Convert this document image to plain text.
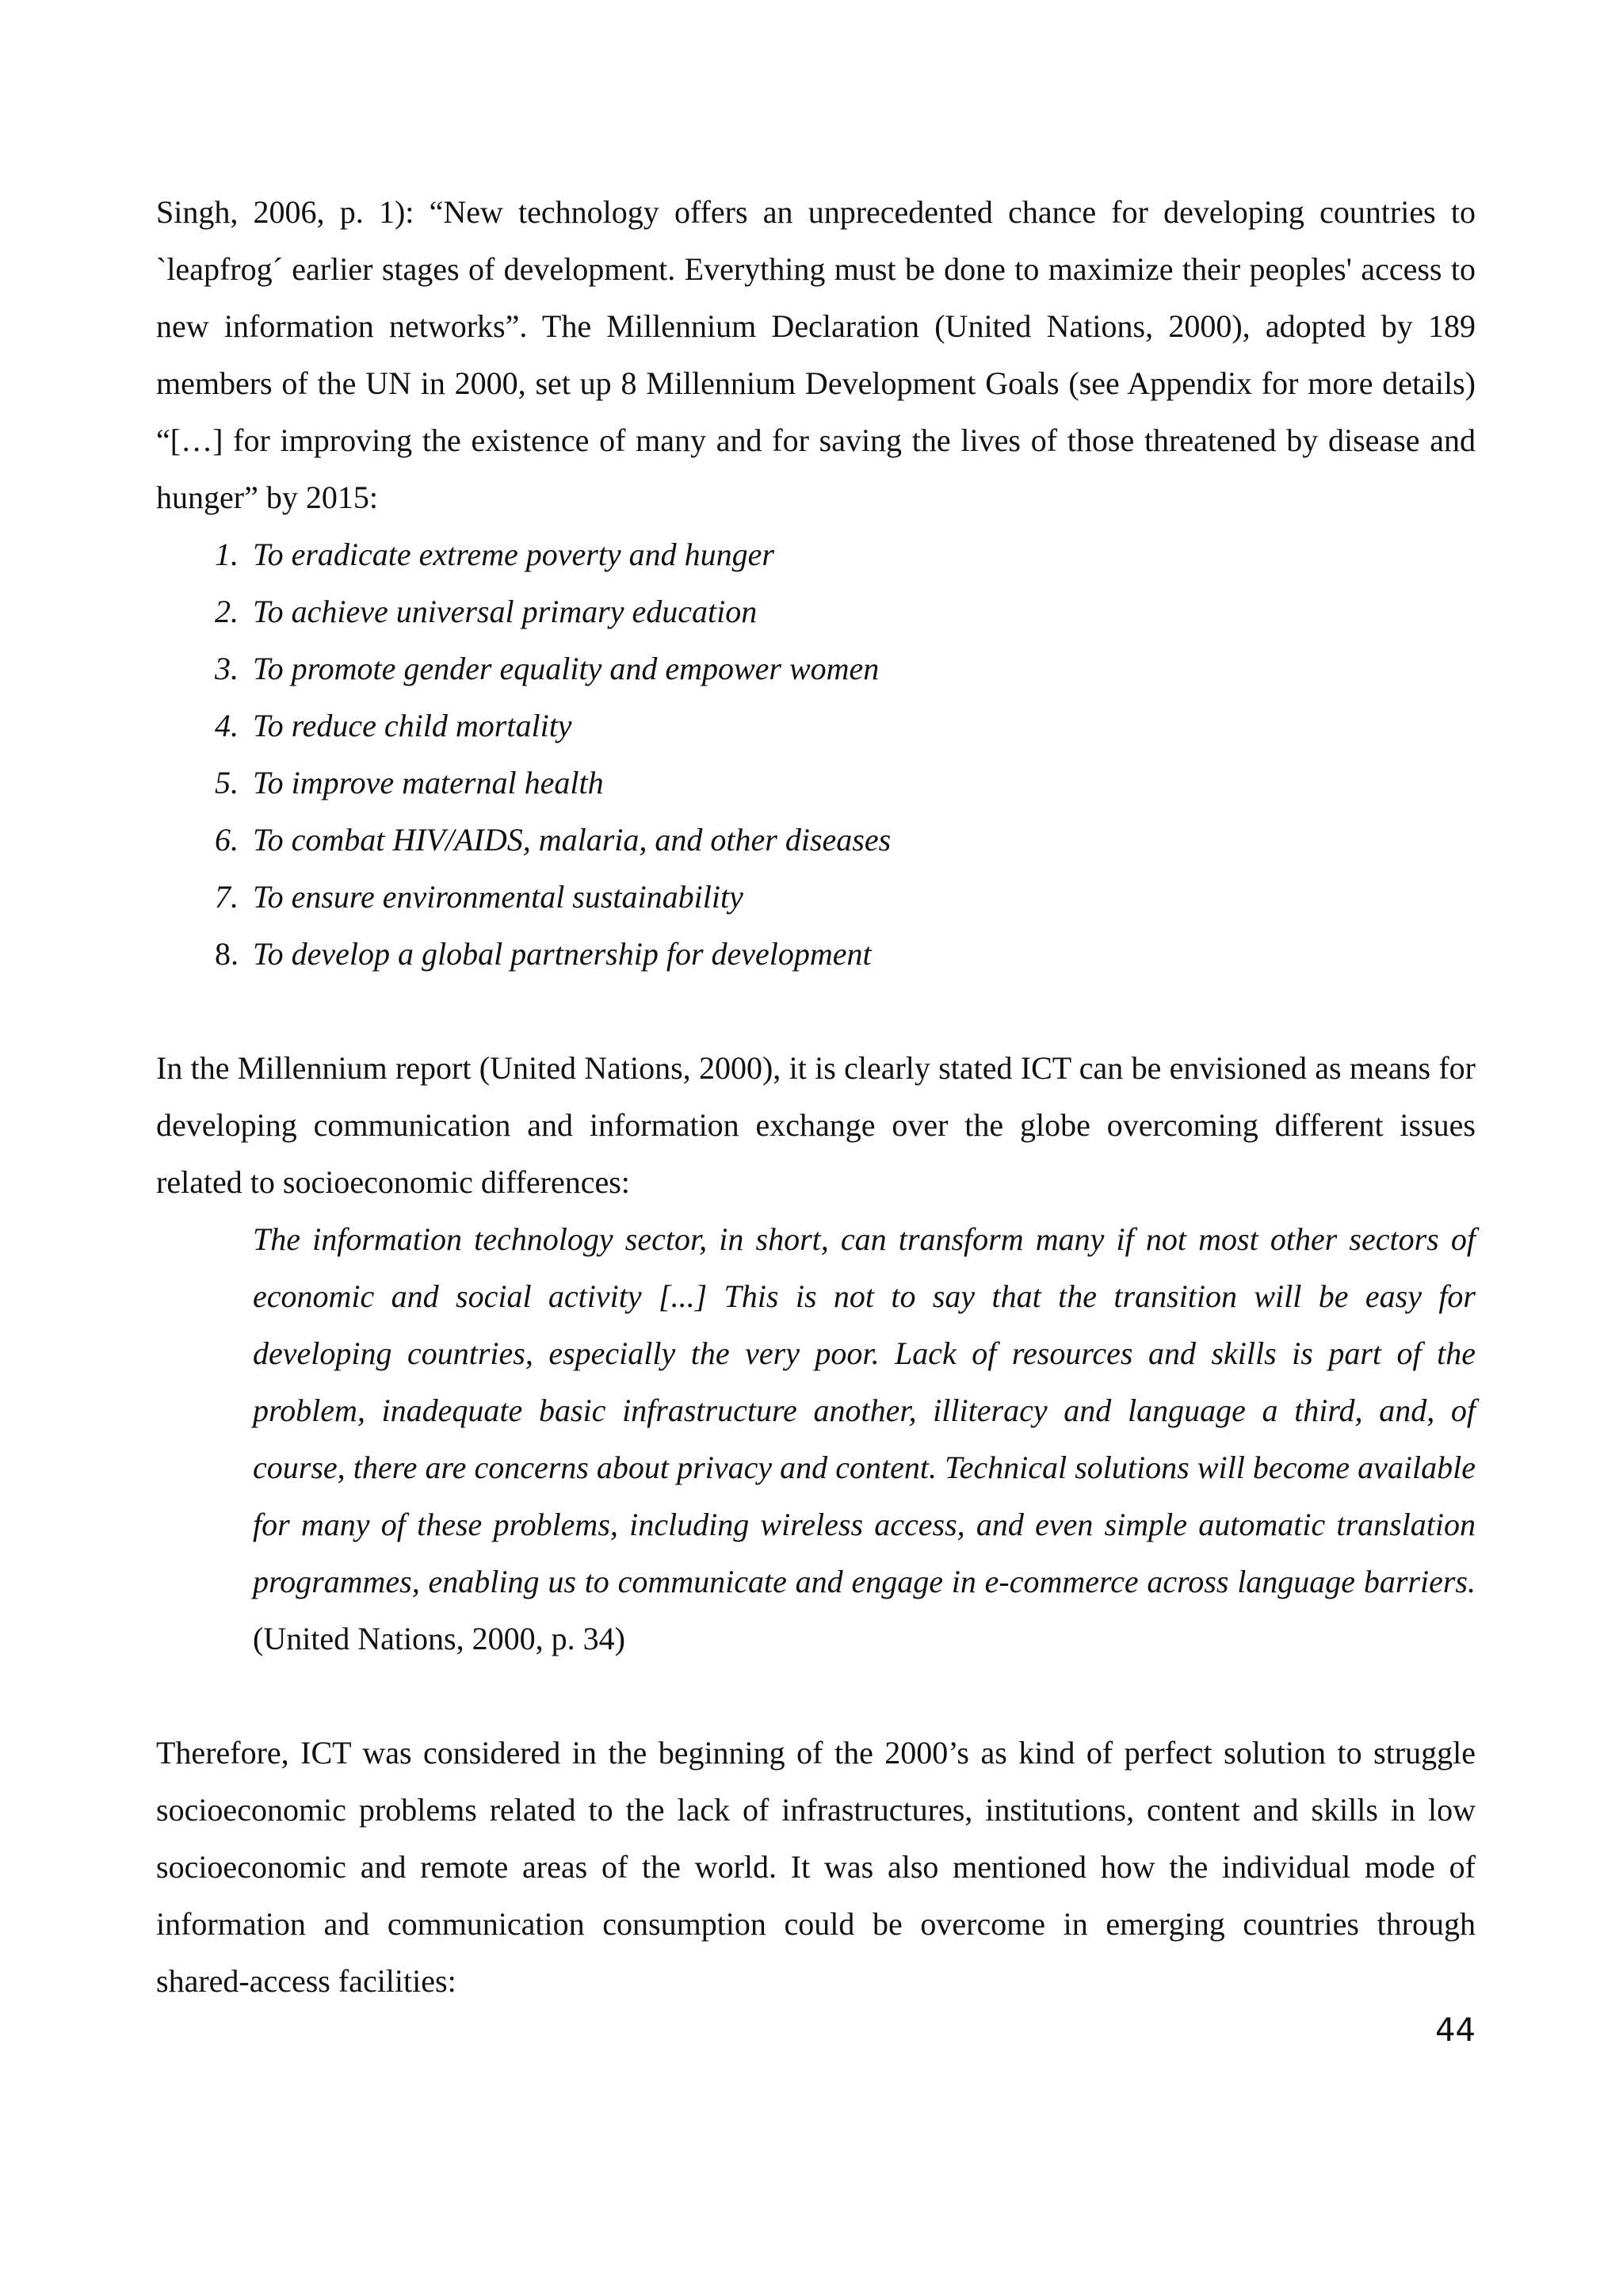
Singh, 2006, p. 1): “New technology offers an unprecedented chance for developing countries to `leapfrog´ earlier stages of development. Everything must be done to maximize their peoples' access to new information networks”. The Millennium Declaration (United Nations, 2000), adopted by 189 members of the UN in 2000, set up 8 Millennium Development Goals (see Appendix for more details) “[…] for improving the existence of many and for saving the lives of those threatened by disease and hunger” by 2015:

1. To eradicate extreme poverty and hunger
2. To achieve universal primary education
3. To promote gender equality and empower women
4. To reduce child mortality
5. To improve maternal health
6. To combat HIV/AIDS, malaria, and other diseases
7. To ensure environmental sustainability
8. To develop a global partnership for development

In the Millennium report (United Nations, 2000), it is clearly stated ICT can be envisioned as means for developing communication and information exchange over the globe overcoming different issues related to socioeconomic differences:

The information technology sector, in short, can transform many if not most other sectors of economic and social activity [...] This is not to say that the transition will be easy for developing countries, especially the very poor. Lack of resources and skills is part of the problem, inadequate basic infrastructure another, illiteracy and language a third, and, of course, there are concerns about privacy and content. Technical solutions will become available for many of these problems, including wireless access, and even simple automatic translation programmes, enabling us to communicate and engage in e-commerce across language barriers. (United Nations, 2000, p. 34)

Therefore, ICT was considered in the beginning of the 2000’s as kind of perfect solution to struggle socioeconomic problems related to the lack of infrastructures, institutions, content and skills in low socioeconomic and remote areas of the world. It was also mentioned how the individual mode of information and communication consumption could be overcome in emerging countries through shared-access facilities:

44
